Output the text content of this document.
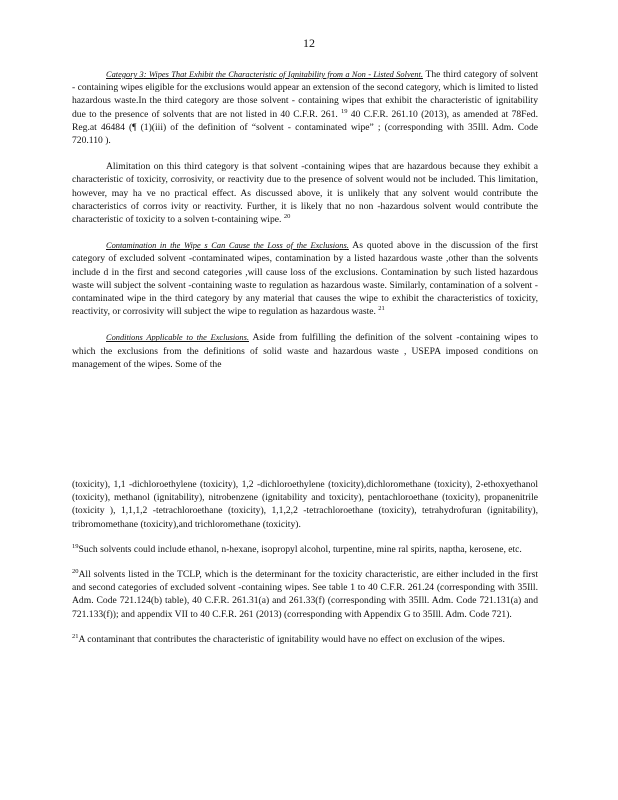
12

Category 3: Wipes That Exhibit the Characteristic of Ignitability from a Non - Listed Solvent. The third category of solvent - containing wipes eligible for the exclusions would appear an extension of the second category, which is limited to listed hazardous waste.In the third category are those solvent - containing wipes that exhibit the characteristic of ignitability due to the presence of solvents that are not listed in 40 C.F.R. 261. $^{19}$ 40 C.F.R. 261.10 (2013), as amended at 78Fed. Reg.at 46484 (¶ (1)(iii) of the definition of “solvent - contaminated wipe” ; (corresponding with 35Ill. Adm. Code 720.110 ).

Alimitation on this third category is that solvent -containing wipes that are hazardous because they exhibit a characteristic of toxicity, corrosivity, or reactivity due to the presence of solvent would not be included. This limitation, however, may ha ve no practical effect. As discussed above, it is unlikely that any solvent would contribute the characteristics of corros ivity or reactivity. Further, it is likely that no non -hazardous solvent would contribute the characteristic of toxicity to a solven t-containing wipe. $^{20}$

Contamination in the Wipe s Can Cause the Loss of the Exclusions. As quoted above in the discussion of the first category of excluded solvent -contaminated wipes, contamination by a listed hazardous waste ,other than the solvents include d in the first and second categories ,will cause loss of the exclusions. Contamination by such listed hazardous waste will subject the solvent -containing waste to regulation as hazardous waste. Similarly, contamination of a solvent -contaminated wipe in the third category by any material that causes the wipe to exhibit the characteristics of toxicity, reactivity, or corrosivity will subject the wipe to regulation as hazardous waste. $^{21}$

Conditions Applicable to the Exclusions. Aside from fulfilling the definition of the solvent -containing wipes to which the exclusions from the definitions of solid waste and hazardous waste , USEPA imposed conditions on management of the wipes. Some of the

(toxicity), 1,1 -dichloroethylene (toxicity), 1,2 -dichloroethylene (toxicity),dichloromethane (toxicity), 2-ethoxyethanol (toxicity), methanol (ignitability), nitrobenzene (ignitability and toxicity), pentachloroethane (toxicity), propanenitrile (toxicity ), 1,1,1,2 -tetrachloroethane (toxicity), 1,1,2,2 -tetrachloroethane (toxicity), tetrahydrofuran (ignitability), tribromomethane (toxicity),and trichloromethane (toxicity).

$^{19}$Such solvents could include ethanol, n-hexane, isopropyl alcohol, turpentine, mine ral spirits, naptha, kerosene, etc.

$^{20}$All solvents listed in the TCLP, which is the determinant for the toxicity characteristic, are either included in the first and second categories of excluded solvent -containing wipes. See table 1 to 40 C.F.R. 261.24 (corresponding with 35Ill. Adm. Code 721.124(b) table), 40 C.F.R. 261.31(a) and 261.33(f) (corresponding with 35Ill. Adm. Code 721.131(a) and 721.133(f)); and appendix VII to 40 C.F.R. 261 (2013) (corresponding with Appendix G to 35Ill. Adm. Code 721).

$^{21}$A contaminant that contributes the characteristic of ignitability would have no effect on exclusion of the wipes.
